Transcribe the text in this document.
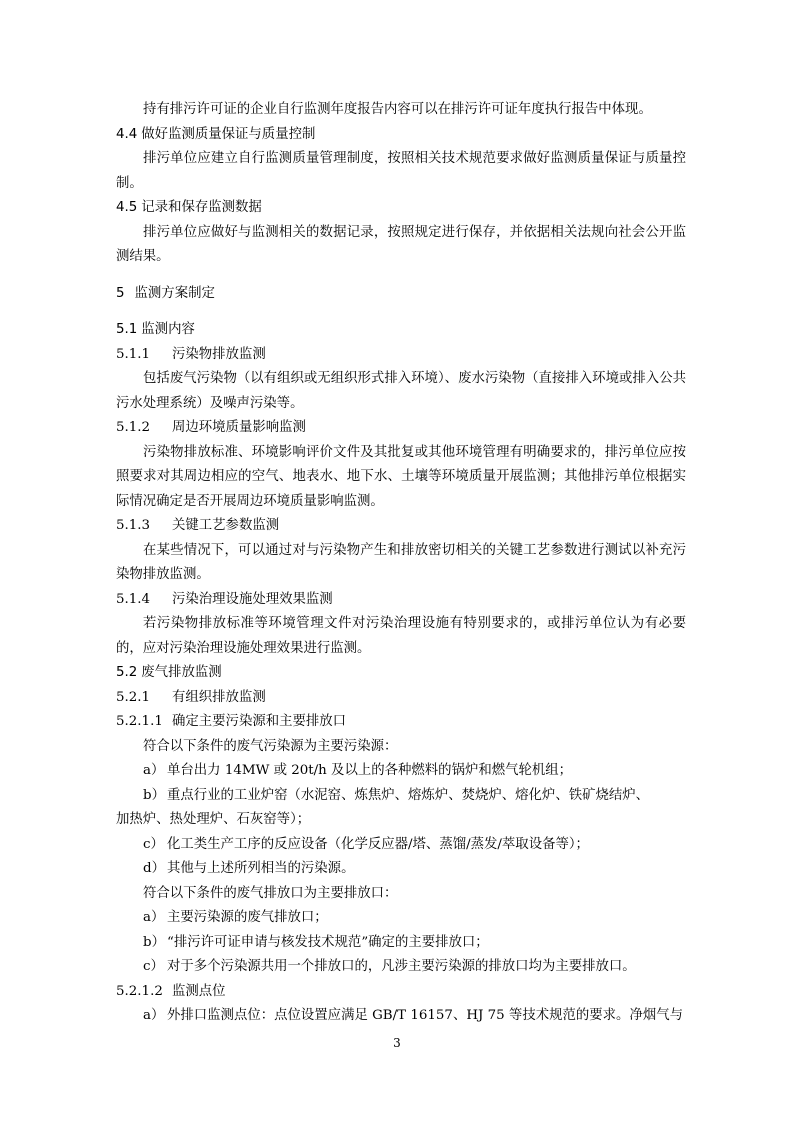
持有排污许可证的企业自行监测年度报告内容可以在排污许可证年度执行报告中体现。

4.4 做好监测质量保证与质量控制

排污单位应建立自行监测质量管理制度，按照相关技术规范要求做好监测质量保证与质量控制。

4.5 记录和保存监测数据

排污单位应做好与监测相关的数据记录，按照规定进行保存，并依据相关法规向社会公开监测结果。

5 监测方案制定

5.1 监测内容

5.1.1	污染物排放监测

包括废气污染物（以有组织或无组织形式排入环境）、废水污染物（直接排入环境或排入公共污水处理系统）及噪声污染等。

5.1.2	周边环境质量影响监测

污染物排放标准、环境影响评价文件及其批复或其他环境管理有明确要求的，排污单位应按照要求对其周边相应的空气、地表水、地下水、土壤等环境质量开展监测；其他排污单位根据实际情况确定是否开展周边环境质量影响监测。

5.1.3	关键工艺参数监测

在某些情况下，可以通过对与污染物产生和排放密切相关的关键工艺参数进行测试以补充污染物排放监测。

5.1.4	污染治理设施处理效果监测

若污染物排放标准等环境管理文件对污染治理设施有特别要求的，或排污单位认为有必要的，应对污染治理设施处理效果进行监测。

5.2 废气排放监测

5.2.1	有组织排放监测

5.2.1.1 确定主要污染源和主要排放口

符合以下条件的废气污染源为主要污染源：

a） 单台出力 14MW 或 20t/h 及以上的各种燃料的锅炉和燃气轮机组；

b） 重点行业的工业炉窑（水泥窑、炼焦炉、熔炼炉、焚烧炉、熔化炉、铁矿烧结炉、
加热炉、热处理炉、石灰窑等）；

c） 化工类生产工序的反应设备（化学反应器/塔、蒸馏/蒸发/萃取设备等）；

d） 其他与上述所列相当的污染源。

符合以下条件的废气排放口为主要排放口：

a） 主要污染源的废气排放口；

b） “排污许可证申请与核发技术规范”确定的主要排放口；

c） 对于多个污染源共用一个排放口的，凡涉主要污染源的排放口均为主要排放口。

5.2.1.2 监测点位

a） 外排口监测点位：点位设置应满足 GB/T 16157、HJ 75 等技术规范的要求。净烟气与

3
